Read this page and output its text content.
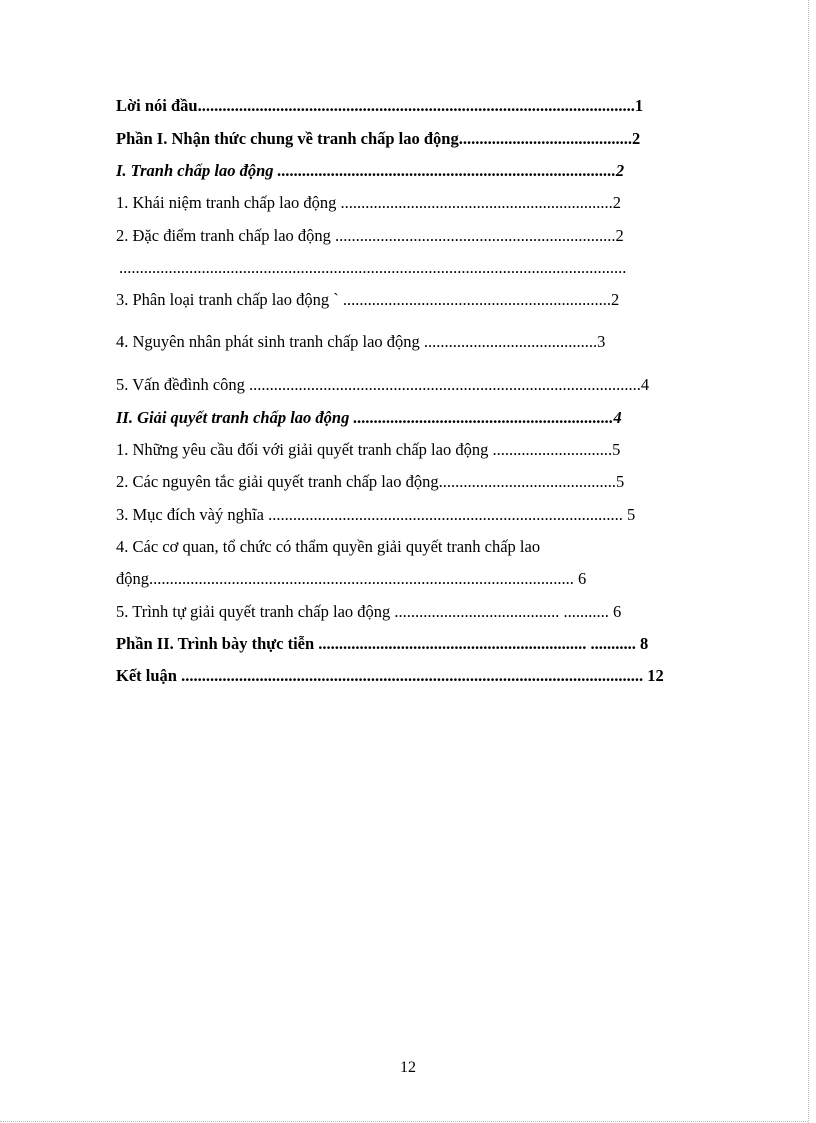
Lời nói đầu..........................................................................................................1
Phần I. Nhận thức chung về tranh chấp lao động..........................................2
I. Tranh chấp lao động ..................................................................................2
1. Khái niệm tranh chấp lao động ..................................................................2
2. Đặc điểm tranh chấp lao động ....................................................................2
...........................................................................................................................
3. Phân loại tranh chấp lao động ` .................................................................2
4. Nguyên nhân phát sinh tranh chấp lao động ..........................................3
5. Vấn đềđình công ...............................................................................................4
II. Giải quyết tranh chấp lao động ...............................................................4
1. Những yêu cầu đối với giải quyết tranh chấp lao động .............................5
2. Các nguyên tắc giải quyết tranh chấp lao động...........................................5
3. Mục đích vàý nghĩa ...................................................................................... 5
4. Các cơ quan, tổ chức có thẩm quyền giải quyết tranh chấp lao
động....................................................................................................... 6
5. Trình tự giải quyết tranh chấp lao động ........................................ ........... 6
Phần II. Trình bày thực tiễn ................................................................. ........... 8
Kết luận ................................................................................................................ 12
12
